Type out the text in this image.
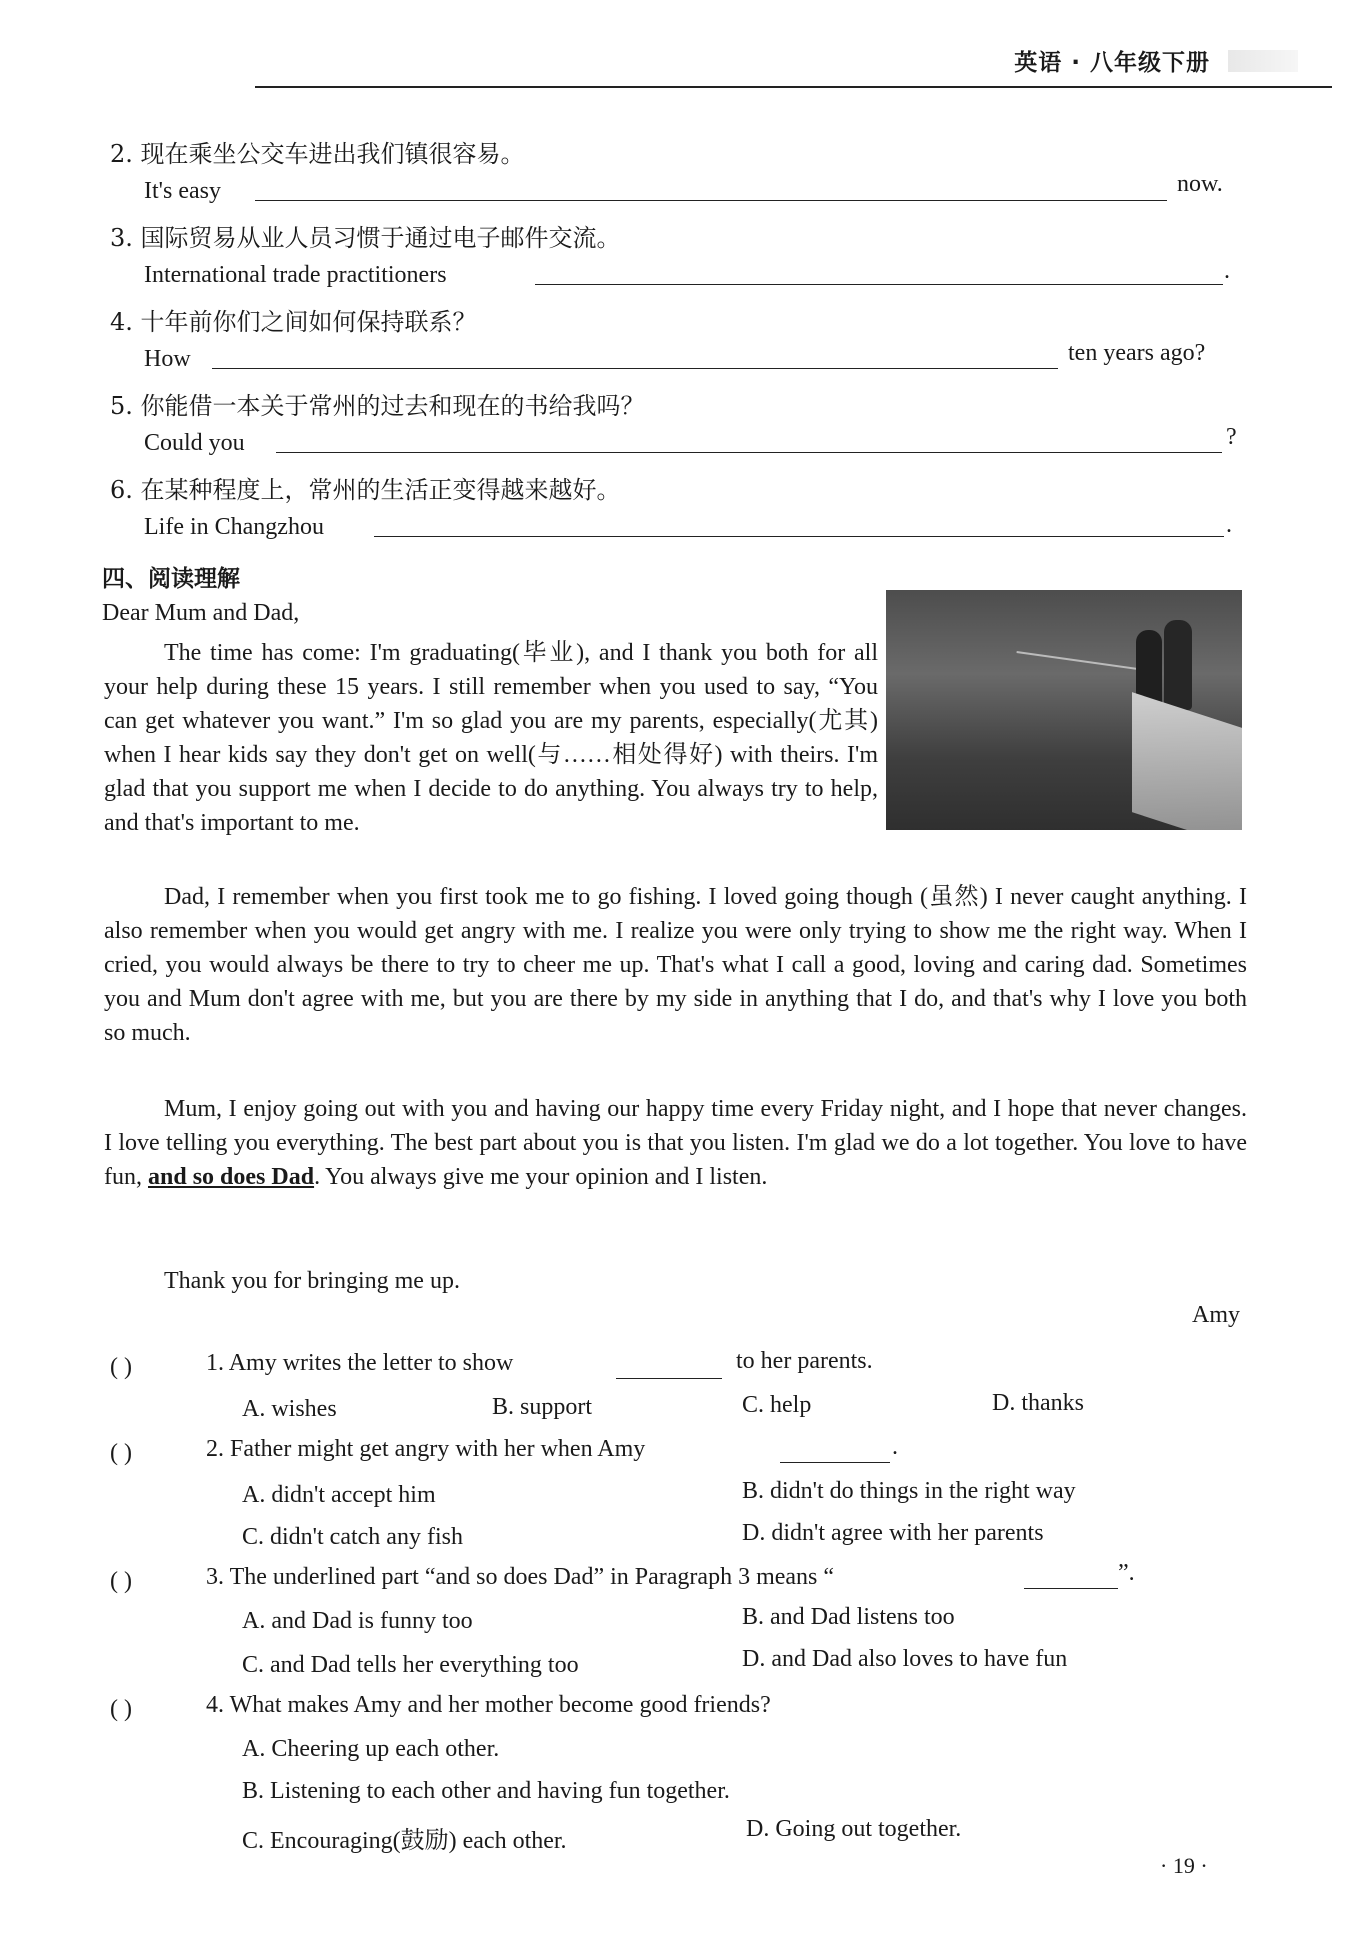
英语 · 八年级下册
2. 现在乘坐公交车进出我们镇很容易。
It's easy	now.
3. 国际贸易从业人员习惯于通过电子邮件交流。
International trade practitioners	.
4. 十年前你们之间如何保持联系？
How	ten years ago?
5. 你能借一本关于常州的过去和现在的书给我吗？
Could you	?
6. 在某种程度上，常州的生活正变得越来越好。
Life in Changzhou	.
四、阅读理解
Dear Mum and Dad,

The time has come: I'm graduating(毕业), and I thank you both for all your help during these 15 years. I still remember when you used to say, “You can get whatever you want.” I'm so glad you are my parents, especially(尤其) when I hear kids say they don't get on well(与……相处得好) with theirs. I'm glad that you support me when I decide to do anything. You always try to help, and that's important to me.

Dad, I remember when you first took me to go fishing. I loved going though (虽然) I never caught anything. I also remember when you would get angry with me. I realize you were only trying to show me the right way. When I cried, you would always be there to try to cheer me up. That's what I call a good, loving and caring dad. Sometimes you and Mum don't agree with me, but you are there by my side in anything that I do, and that's why I love you both so much.

Mum, I enjoy going out with you and having our happy time every Friday night, and I hope that never changes. I love telling you everything. The best part about you is that you listen. I'm glad we do a lot together. You love to have fun, and so does Dad. You always give me your opinion and I listen.

Thank you for bringing me up.
Amy
( )	1. Amy writes the letter to show	to her parents.
A. wishes	B. support	C. help	D. thanks
( )	2. Father might get angry with her when Amy	.
A. didn't accept him	B. didn't do things in the right way
C. didn't catch any fish	D. didn't agree with her parents
( )	3. The underlined part “and so does Dad” in Paragraph 3 means “	”.
A. and Dad is funny too	B. and Dad listens too
C. and Dad tells her everything too	D. and Dad also loves to have fun
( )	4. What makes Amy and her mother become good friends?
A. Cheering up each other.
B. Listening to each other and having fun together.
C. Encouraging(鼓励) each other.	D. Going out together.
· 19 ·
